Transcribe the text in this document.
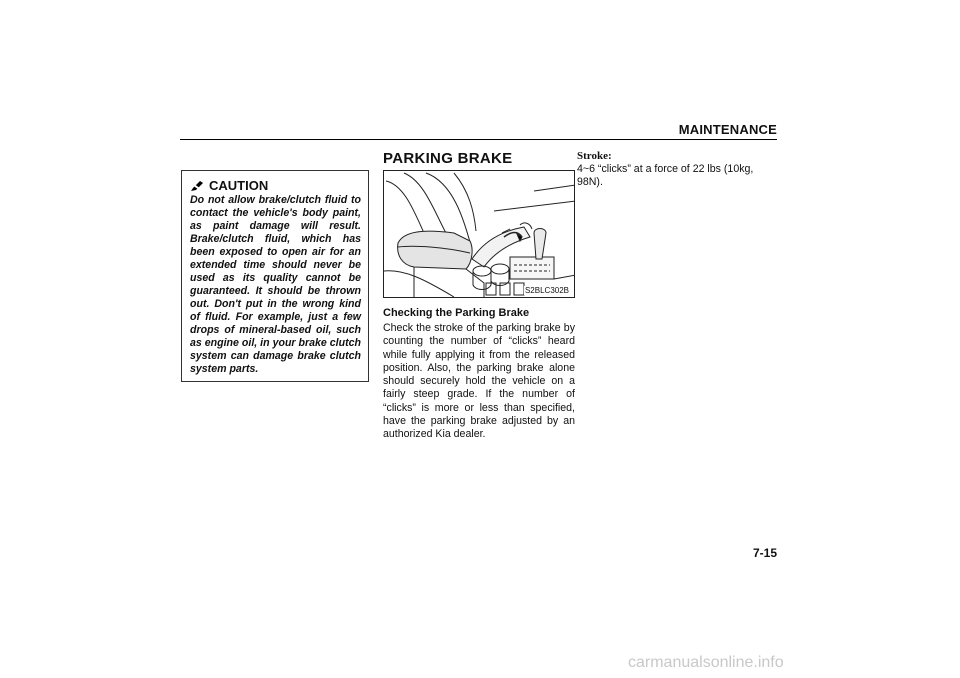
MAINTENANCE
PARKING BRAKE
CAUTION
Do not allow brake/clutch fluid to contact the vehicle's body paint, as paint damage will result. Brake/clutch fluid, which has been exposed to open air for an extended time should never be used as its quality cannot be guaranteed. It should be thrown out. Don't put in the wrong kind of fluid. For example, just a few drops of mineral-based oil, such as engine oil, in your brake clutch system can damage brake clutch system parts.
S2BLC302B
Checking the Parking Brake
Check the stroke of the parking brake by counting the number of “clicks” heard while fully applying it from the released position. Also, the parking brake alone should securely hold the vehicle on a fairly steep grade. If the number of “clicks” is more or less than specified, have the parking brake adjusted by an authorized Kia dealer.
Stroke:
4~6 “clicks” at a force of 22 lbs (10kg, 98N).
7-15
carmanualsonline.info
